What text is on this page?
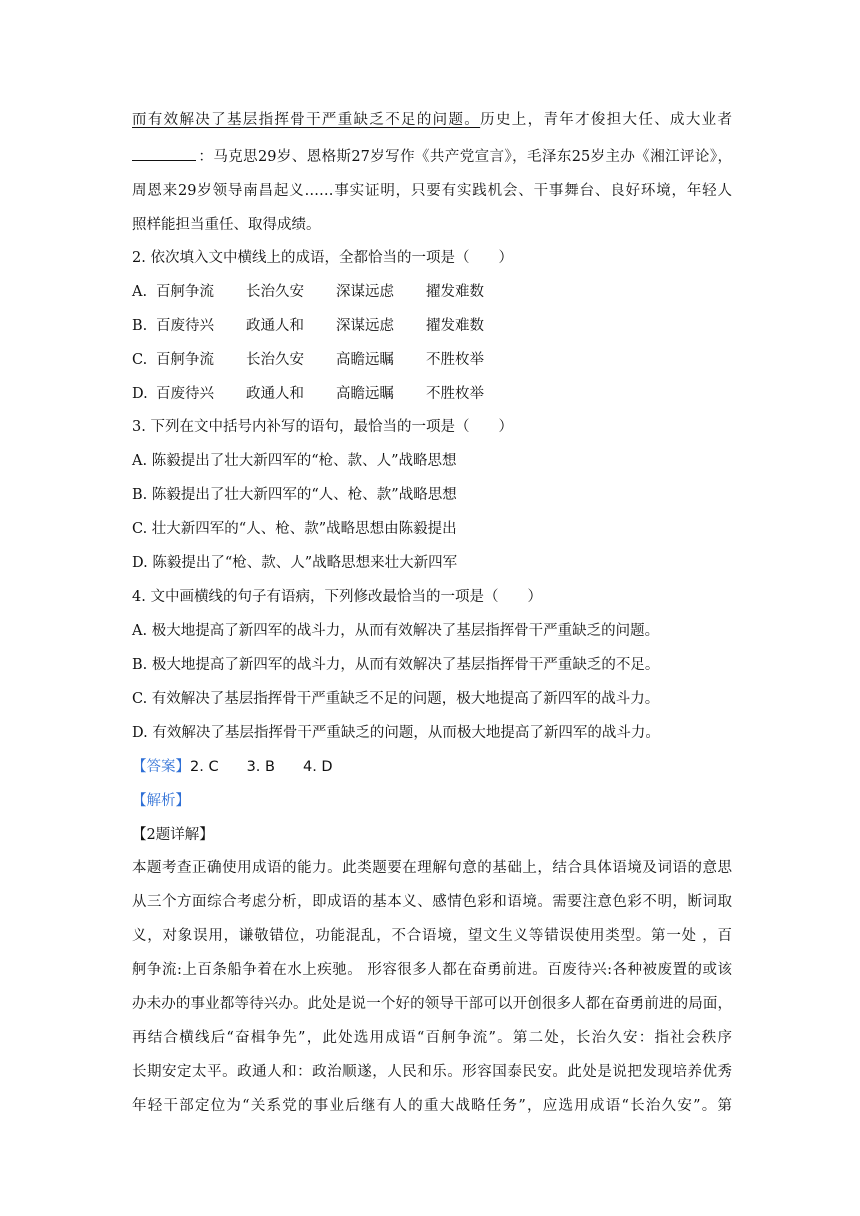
而有效解决了基层指挥骨干严重缺乏不足的问题。历史上，青年才俊担大任、成大业者
：马克思29岁、恩格斯27岁写作《共产党宣言》，毛泽东25岁主办《湘江评论》，
周恩来29岁领导南昌起义……事实证明，只要有实践机会、干事舞台、良好环境，年轻人
照样能担当重任、取得成绩。
2. 依次填入文中横线上的成语，全都恰当的一项是（　　）
A. 百舸争流 长治久安 深谋远虑 擢发难数
B. 百废待兴 政通人和 深谋远虑 擢发难数
C. 百舸争流 长治久安 高瞻远瞩 不胜枚举
D. 百废待兴 政通人和 高瞻远瞩 不胜枚举
3. 下列在文中括号内补写的语句，最恰当的一项是（　　）
A. 陈毅提出了壮大新四军的“枪、款、人”战略思想
B. 陈毅提出了壮大新四军的“人、枪、款”战略思想
C. 壮大新四军的“人、枪、款”战略思想由陈毅提出
D. 陈毅提出了“枪、款、人”战略思想来壮大新四军
4. 文中画横线的句子有语病，下列修改最恰当的一项是（　　）
A. 极大地提高了新四军的战斗力，从而有效解决了基层指挥骨干严重缺乏的问题。
B. 极大地提高了新四军的战斗力，从而有效解决了基层指挥骨干严重缺乏的不足。
C. 有效解决了基层指挥骨干严重缺乏不足的问题，极大地提高了新四军的战斗力。
D. 有效解决了基层指挥骨干严重缺乏的问题，从而极大地提高了新四军的战斗力。
【答案】2. C 3. B 4. D
【解析】
【2题详解】
本题考查正确使用成语的能力。此类题要在理解句意的基础上，结合具体语境及词语的意思
从三个方面综合考虑分析，即成语的基本义、感情色彩和语境。需要注意色彩不明，断词取
义，对象误用，谦敬错位，功能混乱，不合语境，望文生义等错误使用类型。第一处 ，百
舸争流:上百条船争着在水上疾驰。 形容很多人都在奋勇前进。百废待兴:各种被废置的或该
办未办的事业都等待兴办。此处是说一个好的领导干部可以开创很多人都在奋勇前进的局面，
再结合横线后“奋楫争先”，此处选用成语“百舸争流”。第二处，长治久安：指社会秩序
长期安定太平。政通人和：政治顺遂，人民和乐。形容国泰民安。此处是说把发现培养优秀
年轻干部定位为“关系党的事业后继有人的重大战略任务”，应选用成语“长治久安”。第
